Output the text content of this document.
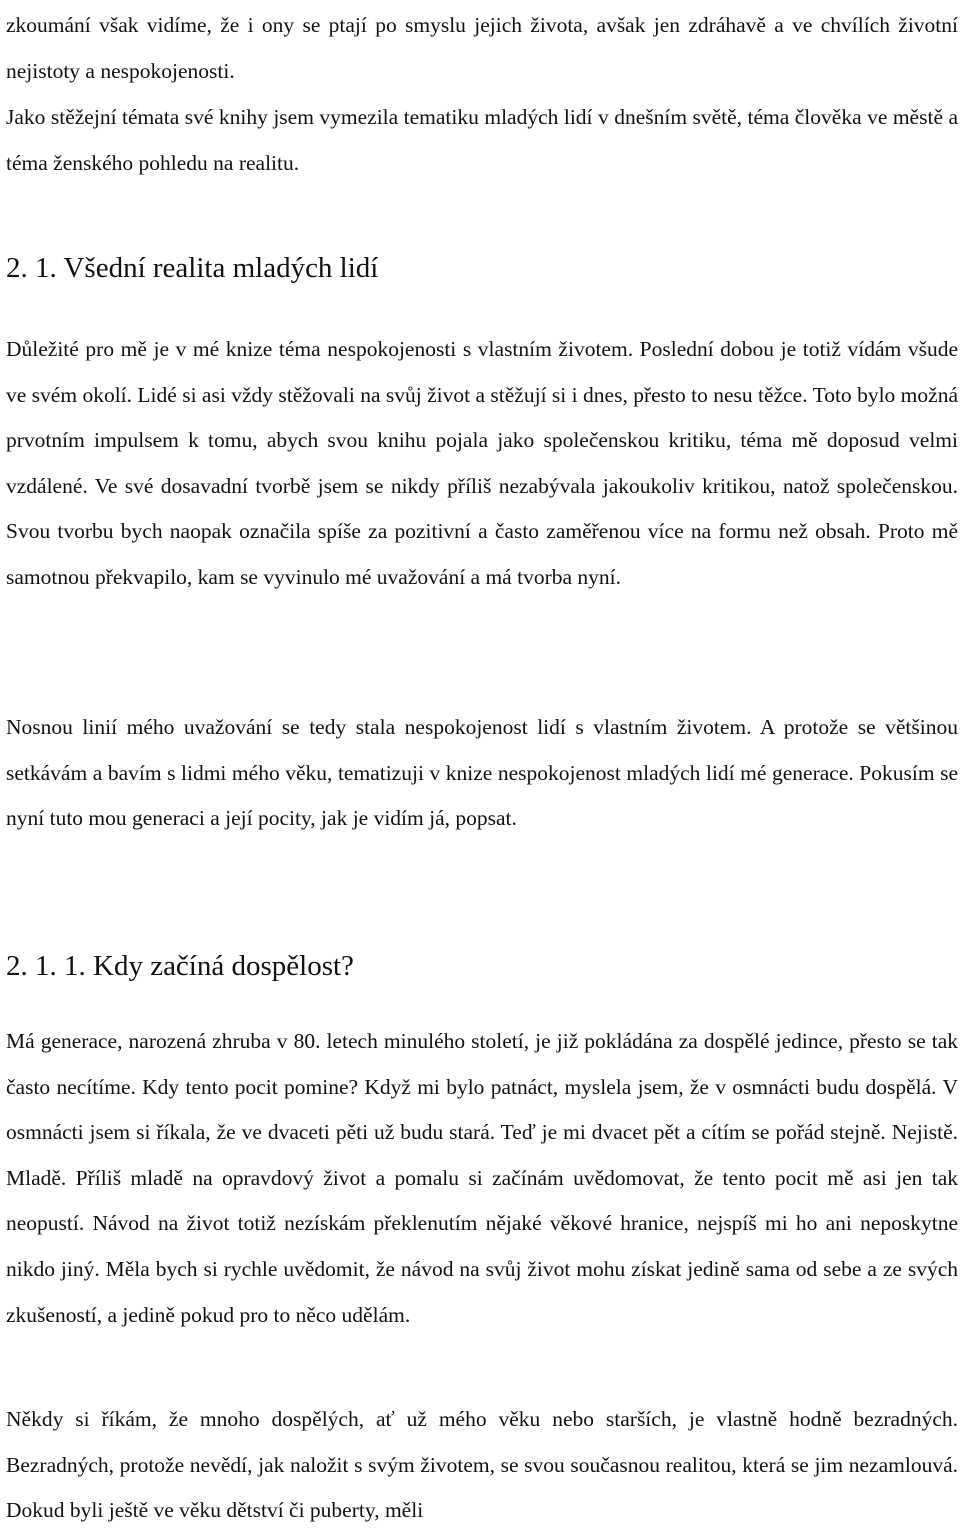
zkoumání však vidíme, že i ony se ptají po smyslu jejich života, avšak jen zdráhavě a ve chvílích životní nejistoty a nespokojenosti.

Jako stěžejní témata své knihy jsem vymezila tematiku mladých lidí v dnešním světě, téma člověka ve městě a téma ženského pohledu na realitu.

2. 1. Všední realita mladých lidí

Důležité pro mě je v mé knize téma nespokojenosti s vlastním životem. Poslední dobou je totiž vídám všude ve svém okolí. Lidé si asi vždy stěžovali na svůj život a stěžují si i dnes, přesto to nesu těžce. Toto bylo možná prvotním impulsem k tomu, abych svou knihu pojala jako společenskou kritiku, téma mě doposud velmi vzdálené. Ve své dosavadní tvorbě jsem se nikdy příliš nezabývala jakoukoliv kritikou, natož společenskou. Svou tvorbu bych naopak označila spíše za pozitivní a často zaměřenou více na formu než obsah. Proto mě samotnou překvapilo, kam se vyvinulo mé uvažování a má tvorba nyní.

Nosnou linií mého uvažování se tedy stala nespokojenost lidí s vlastním životem. A protože se většinou setkávám a bavím s lidmi mého věku, tematizuji v knize nespokojenost mladých lidí mé generace. Pokusím se nyní tuto mou generaci a její pocity, jak je vidím já, popsat.

2. 1. 1. Kdy začíná dospělost?

Má generace, narozená zhruba v 80. letech minulého století, je již pokládána za dospělé jedince, přesto se tak často necítíme. Kdy tento pocit pomine? Když mi bylo patnáct, myslela jsem, že v osmnácti budu dospělá. V osmnácti jsem si říkala, že ve dvaceti pěti už budu stará. Teď je mi dvacet pět a cítím se pořád stejně. Nejistě. Mladě. Příliš mladě na opravdový život a pomalu si začínám uvědomovat, že tento pocit mě asi jen tak neopustí. Návod na život totiž nezískám překlenutím nějaké věkové hranice, nejspíš mi ho ani neposkytne nikdo jiný. Měla bych si rychle uvědomit, že návod na svůj život mohu získat jedině sama od sebe a ze svých zkušeností, a jedině pokud pro to něco udělám.

Někdy si říkám, že mnoho dospělých, ať už mého věku nebo starších, je vlastně hodně bezradných. Bezradných, protože nevědí, jak naložit s svým životem, se svou současnou realitou, která se jim nezamlouvá. Dokud byli ještě ve věku dětství či puberty, měli
